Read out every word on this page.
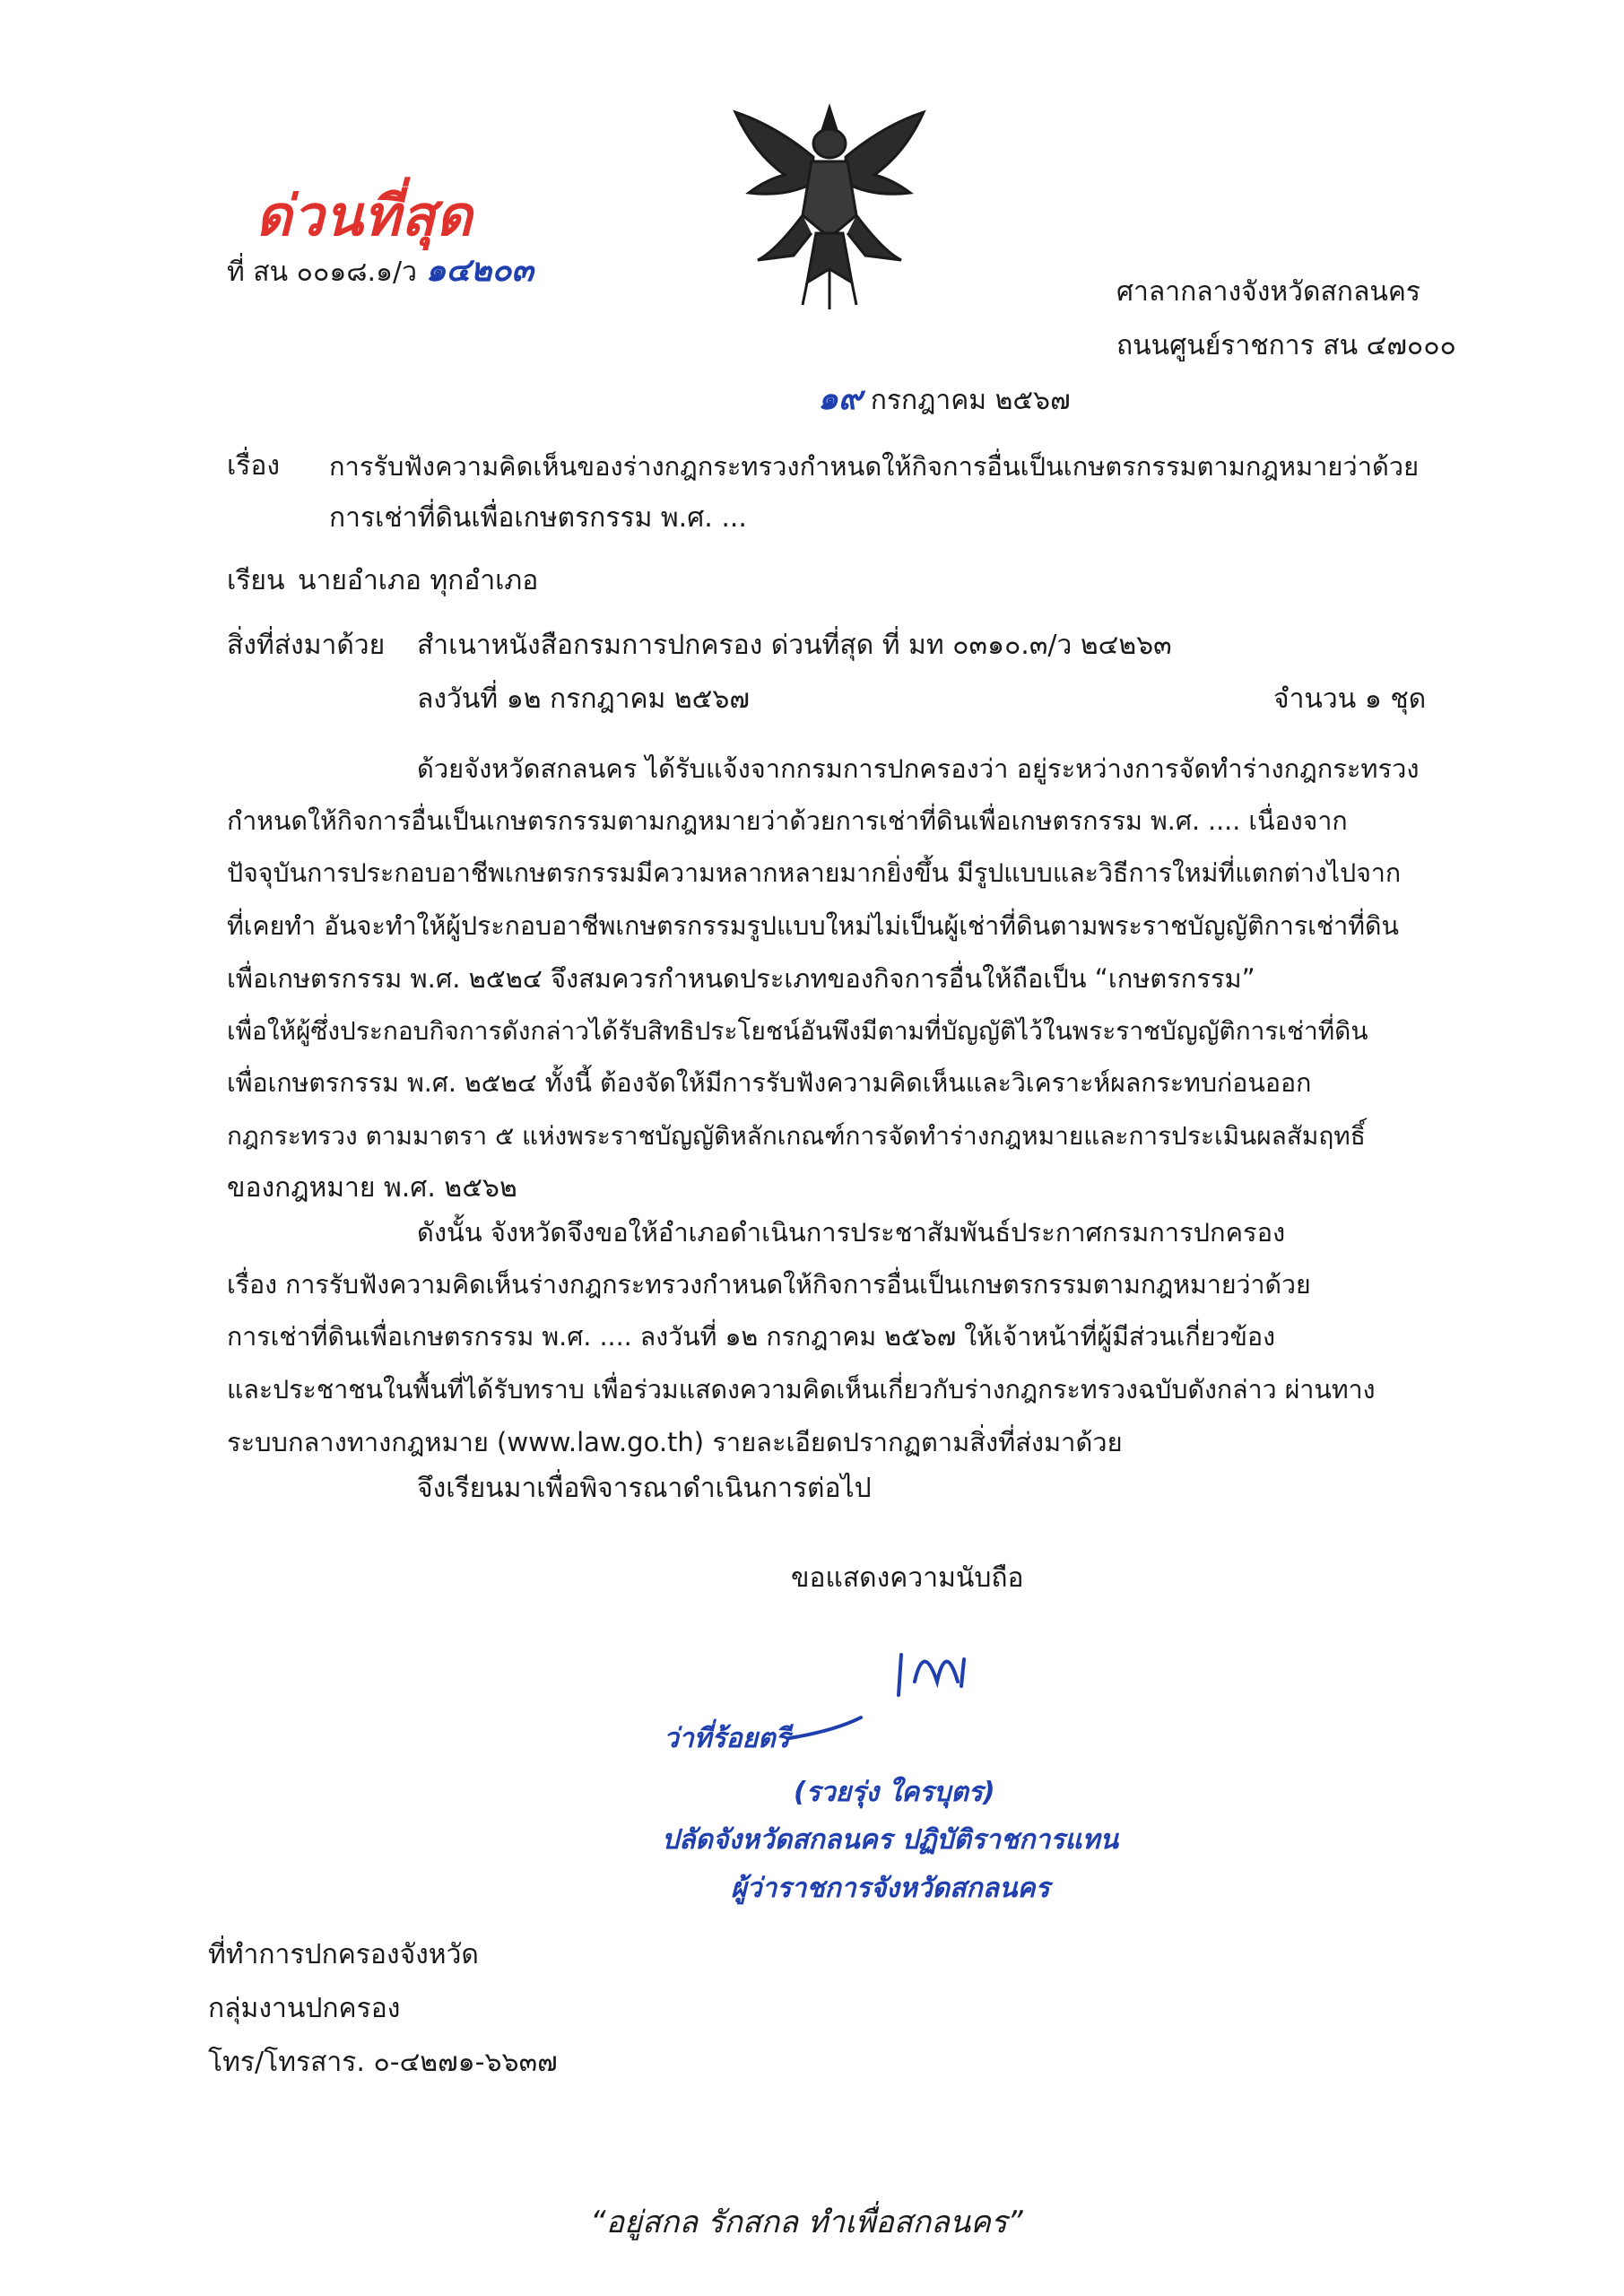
ด่วนที่สุด
ที่ สน ๐๐๑๘.๑/ว ๑๔๒๐๓
ศาลากลางจังหวัดสกลนคร
ถนนศูนย์ราชการ สน ๔๗๐๐๐
๑๙ กรกฎาคม ๒๕๖๗
เรื่อง การรับฟังความคิดเห็นของร่างกฎกระทรวงกำหนดให้กิจการอื่นเป็นเกษตรกรรมตามกฎหมายว่าด้วย
การเช่าที่ดินเพื่อเกษตรกรรม พ.ศ. ...
เรียน นายอำเภอ ทุกอำเภอ
สิ่งที่ส่งมาด้วย สำเนาหนังสือกรมการปกครอง ด่วนที่สุด ที่ มท ๐๓๑๐.๓/ว ๒๔๒๖๓
ลงวันที่ ๑๒ กรกฎาคม ๒๕๖๗	จำนวน ๑ ชุด

ด้วยจังหวัดสกลนคร ได้รับแจ้งจากกรมการปกครองว่า อยู่ระหว่างการจัดทำร่างกฎกระทรวง

กำหนดให้กิจการอื่นเป็นเกษตรกรรมตามกฎหมายว่าด้วยการเช่าที่ดินเพื่อเกษตรกรรม พ.ศ. .... เนื่องจาก

ปัจจุบันการประกอบอาชีพเกษตรกรรมมีความหลากหลายมากยิ่งขึ้น มีรูปแบบและวิธีการใหม่ที่แตกต่างไปจาก

ที่เคยทำ อันจะทำให้ผู้ประกอบอาชีพเกษตรกรรมรูปแบบใหม่ไม่เป็นผู้เช่าที่ดินตามพระราชบัญญัติการเช่าที่ดิน

เพื่อเกษตรกรรม พ.ศ. ๒๕๒๔ จึงสมควรกำหนดประเภทของกิจการอื่นให้ถือเป็น “เกษตรกรรม”

เพื่อให้ผู้ซึ่งประกอบกิจการดังกล่าวได้รับสิทธิประโยชน์อันพึงมีตามที่บัญญัติไว้ในพระราชบัญญัติการเช่าที่ดิน

เพื่อเกษตรกรรม พ.ศ. ๒๕๒๔ ทั้งนี้ ต้องจัดให้มีการรับฟังความคิดเห็นและวิเคราะห์ผลกระทบก่อนออก

กฎกระทรวง ตามมาตรา ๕ แห่งพระราชบัญญัติหลักเกณฑ์การจัดทำร่างกฎหมายและการประเมินผลสัมฤทธิ์

ของกฎหมาย พ.ศ. ๒๕๖๒

ดังนั้น จังหวัดจึงขอให้อำเภอดำเนินการประชาสัมพันธ์ประกาศกรมการปกครอง

เรื่อง การรับฟังความคิดเห็นร่างกฎกระทรวงกำหนดให้กิจการอื่นเป็นเกษตรกรรมตามกฎหมายว่าด้วย

การเช่าที่ดินเพื่อเกษตรกรรม พ.ศ. .... ลงวันที่ ๑๒ กรกฎาคม ๒๕๖๗ ให้เจ้าหน้าที่ผู้มีส่วนเกี่ยวข้อง

และประชาชนในพื้นที่ได้รับทราบ เพื่อร่วมแสดงความคิดเห็นเกี่ยวกับร่างกฎกระทรวงฉบับดังกล่าว ผ่านทาง

ระบบกลางทางกฎหมาย (www.law.go.th) รายละเอียดปรากฏตามสิ่งที่ส่งมาด้วย

จึงเรียนมาเพื่อพิจารณาดำเนินการต่อไป
ขอแสดงความนับถือ
ว่าที่ร้อยตรี
(รวยรุ่ง ใครบุตร)
ปลัดจังหวัดสกลนคร ปฏิบัติราชการแทน
ผู้ว่าราชการจังหวัดสกลนคร
ที่ทำการปกครองจังหวัด
กลุ่มงานปกครอง
โทร/โทรสาร. ๐-๔๒๗๑-๖๖๓๗
“อยู่สกล รักสกล ทำเพื่อสกลนคร”
